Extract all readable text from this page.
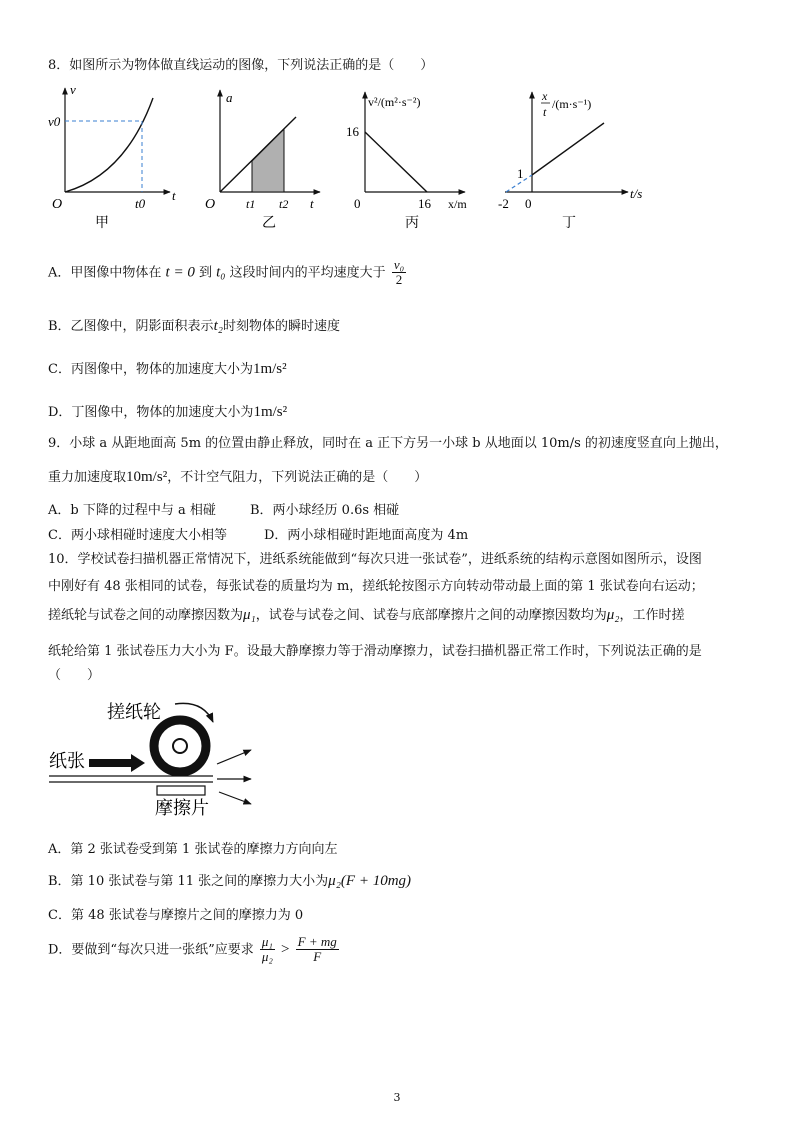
8．如图所示为物体做直线运动的图像，下列说法正确的是（　　）
v
t
O
v0
t0
甲
a
t
O	t1 t2
乙
v²/(m²·s⁻²)
x/m
0
16
16
丙
x
t
/(m·s⁻¹)
t/s
0
-2
1
丁
A．甲图像中物体在 t = 0 到 t₀ 这段时间内的平均速度大于 $\frac{\text{v₀}}{2}$
B．乙图像中，阴影面积表示t₂时刻物体的瞬时速度
C．丙图像中，物体的加速度大小为1m/s²
D．丁图像中，物体的加速度大小为1m/s²
9．小球 a 从距地面高 5m 的位置由静止释放，同时在 a 正下方另一小球 b 从地面以 10m/s 的初速度竖直向上抛出，
重力加速度取10m/s²，不计空气阻力，下列说法正确的是（　　）
A．b 下降的过程中与 a 相碰	B．两小球经历 0.6s 相碰
C．两小球相碰时速度大小相等	D．两小球相碰时距地面高度为 4m
10．学校试卷扫描机器正常情况下，进纸系统能做到“每次只进一张试卷”，进纸系统的结构示意图如图所示，设图
中刚好有 48 张相同的试卷，每张试卷的质量均为 m，搓纸轮按图示方向转动带动最上面的第 1 张试卷向右运动；
搓纸轮与试卷之间的动摩擦因数为μ₁，试卷与试卷之间、试卷与底部摩擦片之间的动摩擦因数均为μ₂，工作时搓
纸轮给第 1 张试卷压力大小为 F。设最大静摩擦力等于滑动摩擦力，试卷扫描机器正常工作时，下列说法正确的是
（　　）
搓纸轮
纸张
摩擦片
A．第 2 张试卷受到第 1 张试卷的摩擦力方向向左
B．第 10 张试卷与第 11 张之间的摩擦力大小为μ₂(F + 10mg)
C．第 48 张试卷与摩擦片之间的摩擦力为 0
D．要做到“每次只进一张纸”应要求 $\frac{\text{μ₁}}{\text{μ₂}} > \frac{F + mg}{F}$
3
